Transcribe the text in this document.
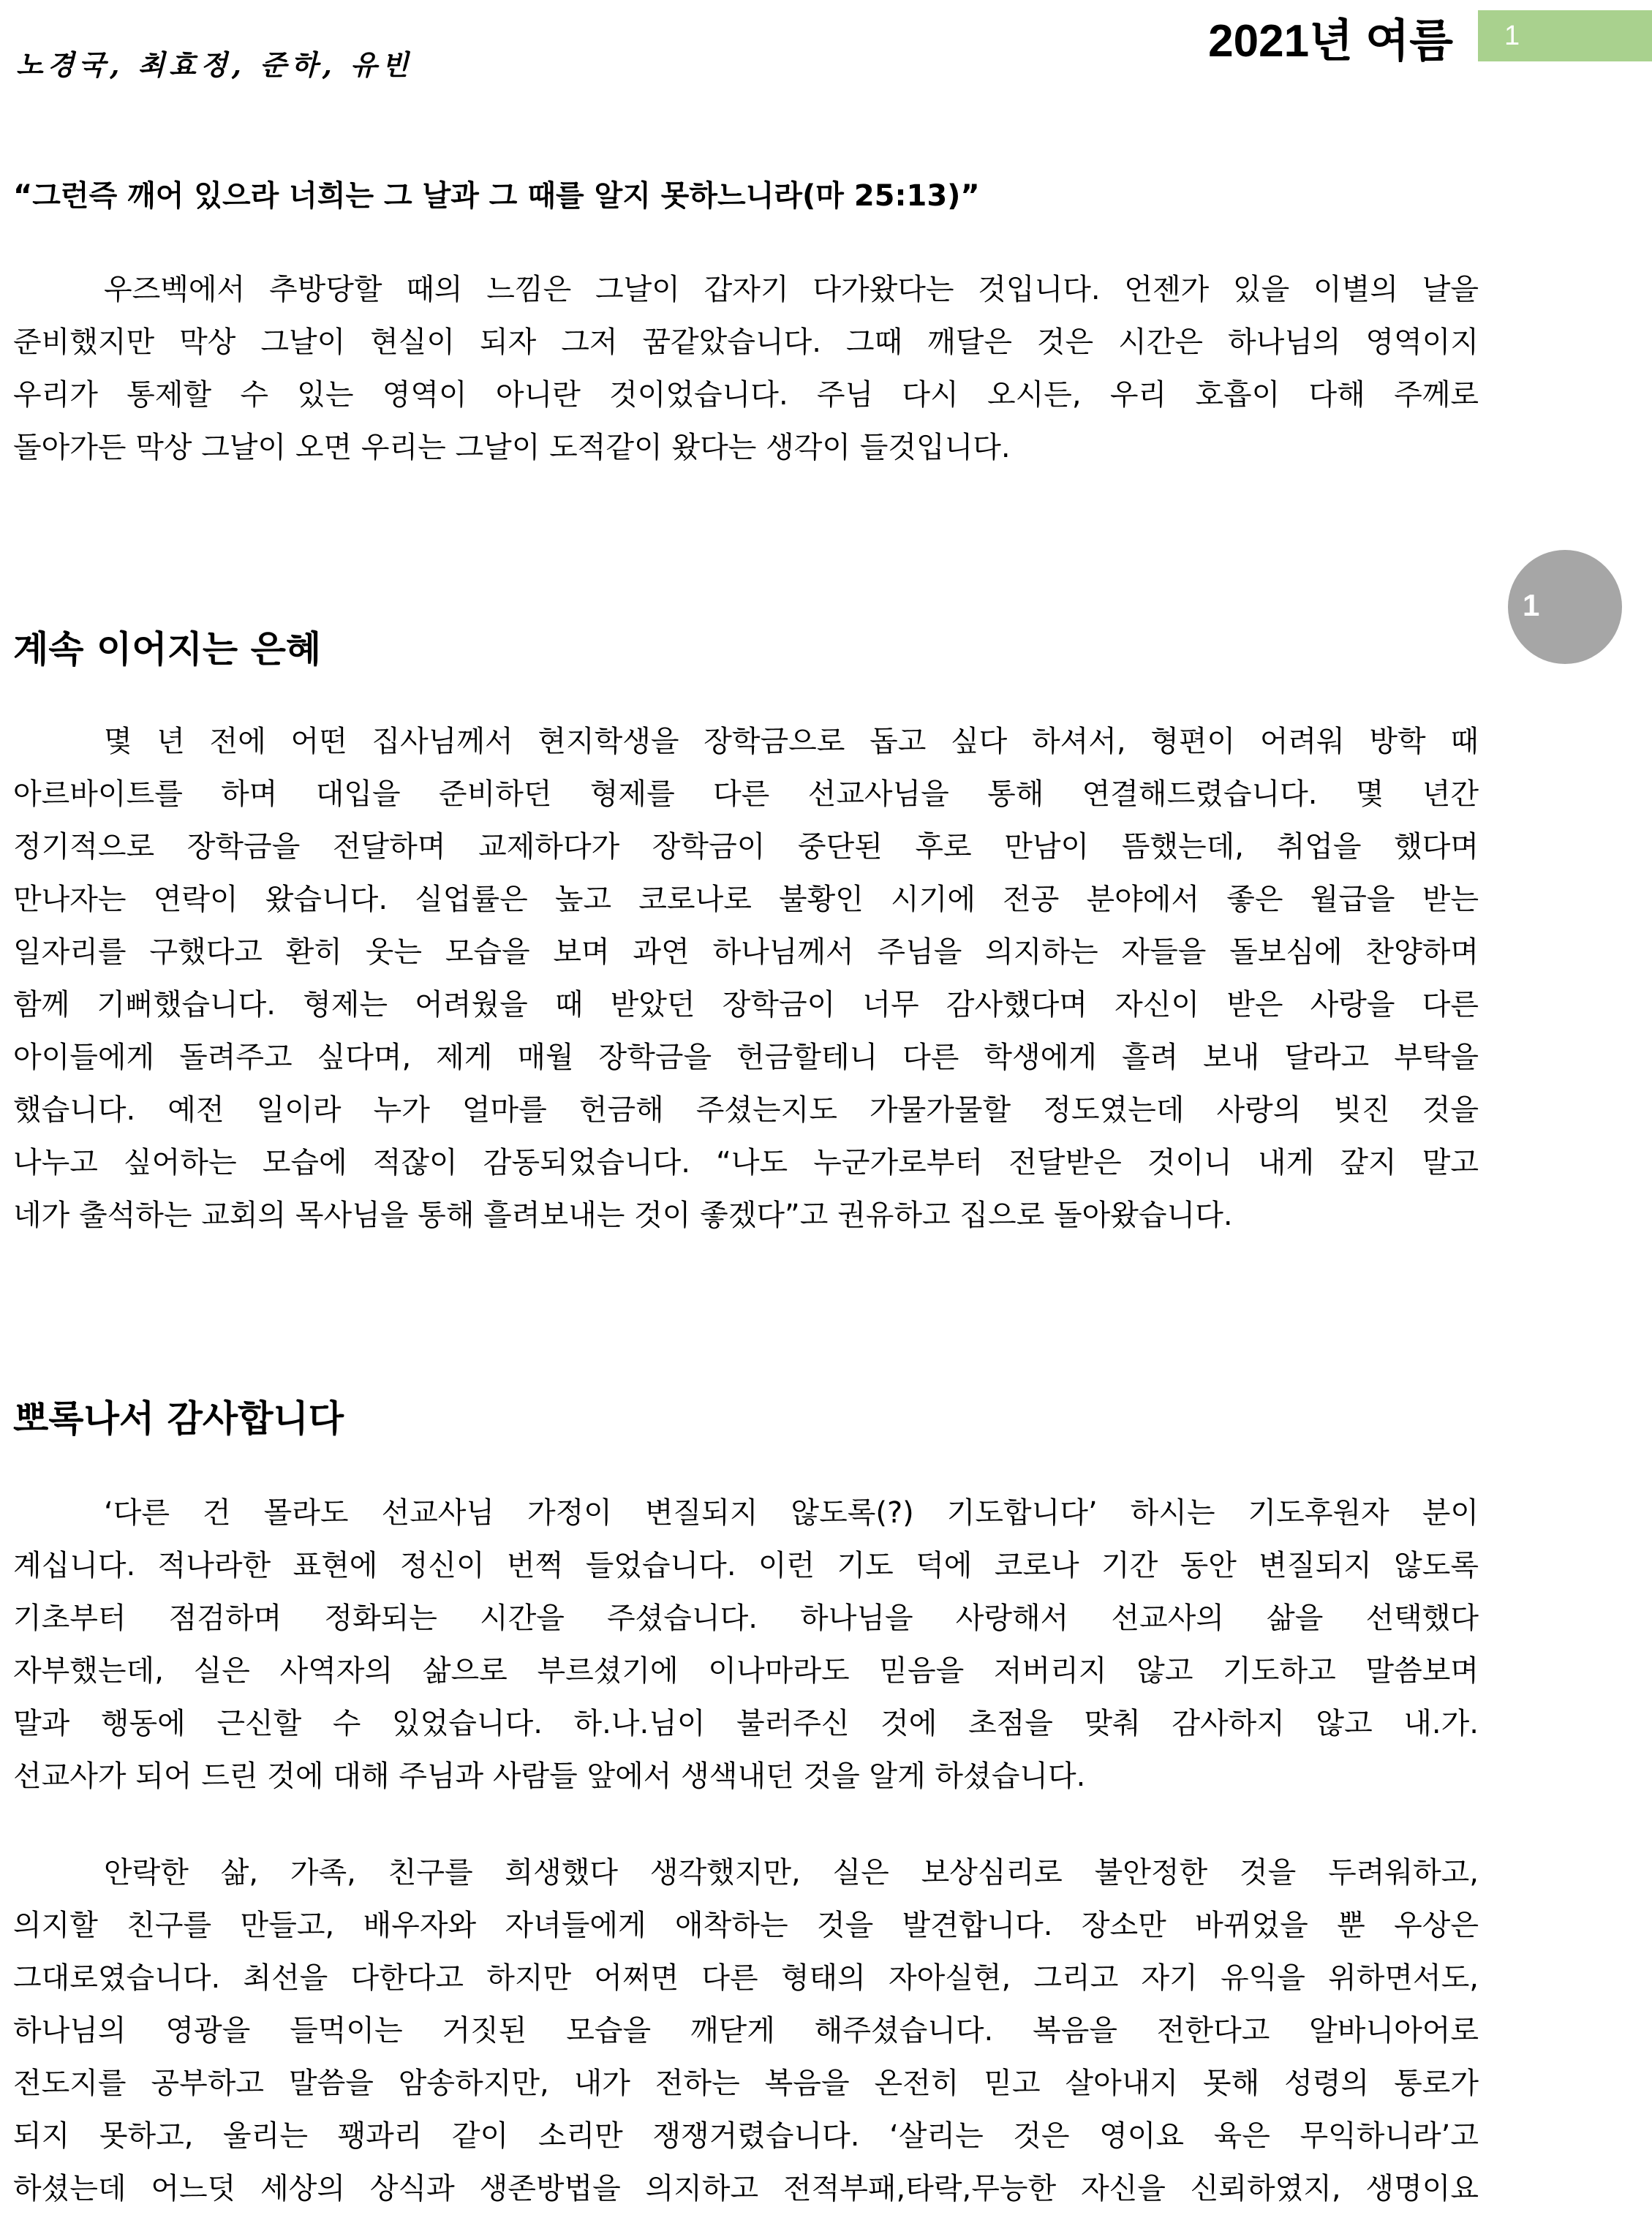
노경국, 최효정, 준하, 유빈	2021년 여름	1
1
“그런즉 깨어 있으라 너희는 그 날과 그 때를 알지 못하느니라(마 25:13)”
우즈벡에서 추방당할 때의 느낌은 그날이 갑자기 다가왔다는 것입니다. 언젠가 있을 이별의 날을
준비했지만 막상 그날이 현실이 되자 그저 꿈같았습니다. 그때 깨달은 것은 시간은 하나님의 영역이지
우리가 통제할 수 있는 영역이 아니란 것이었습니다. 주님 다시 오시든, 우리 호흡이 다해 주께로
돌아가든 막상 그날이 오면 우리는 그날이 도적같이 왔다는 생각이 들것입니다.
계속 이어지는 은혜
몇 년 전에 어떤 집사님께서 현지학생을 장학금으로 돕고 싶다 하셔서, 형편이 어려워 방학 때
아르바이트를 하며 대입을 준비하던 형제를 다른 선교사님을 통해 연결해드렸습니다. 몇 년간
정기적으로 장학금을 전달하며 교제하다가 장학금이 중단된 후로 만남이 뜸했는데, 취업을 했다며
만나자는 연락이 왔습니다. 실업률은 높고 코로나로 불황인 시기에 전공 분야에서 좋은 월급을 받는
일자리를 구했다고 환히 웃는 모습을 보며 과연 하나님께서 주님을 의지하는 자들을 돌보심에 찬양하며
함께 기뻐했습니다. 형제는 어려웠을 때 받았던 장학금이 너무 감사했다며 자신이 받은 사랑을 다른
아이들에게 돌려주고 싶다며, 제게 매월 장학금을 헌금할테니 다른 학생에게 흘려 보내 달라고 부탁을
했습니다. 예전 일이라 누가 얼마를 헌금해 주셨는지도 가물가물할 정도였는데 사랑의 빚진 것을
나누고 싶어하는 모습에 적잖이 감동되었습니다. “나도 누군가로부터 전달받은 것이니 내게 갚지 말고
네가 출석하는 교회의 목사님을 통해 흘려보내는 것이 좋겠다”고 권유하고 집으로 돌아왔습니다.
뽀록나서 감사합니다
‘다른 건 몰라도 선교사님 가정이 변질되지 않도록(?) 기도합니다’ 하시는 기도후원자 분이
계십니다. 적나라한 표현에 정신이 번쩍 들었습니다. 이런 기도 덕에 코로나 기간 동안 변질되지 않도록
기초부터 점검하며 정화되는 시간을 주셨습니다. 하나님을 사랑해서 선교사의 삶을 선택했다
자부했는데, 실은 사역자의 삶으로 부르셨기에 이나마라도 믿음을 저버리지 않고 기도하고 말씀보며
말과 행동에 근신할 수 있었습니다. 하.나.님이 불러주신 것에 초점을 맞춰 감사하지 않고 내.가.
선교사가 되어 드린 것에 대해 주님과 사람들 앞에서 생색내던 것을 알게 하셨습니다.
안락한 삶, 가족, 친구를 희생했다 생각했지만, 실은 보상심리로 불안정한 것을 두려워하고,
의지할 친구를 만들고, 배우자와 자녀들에게 애착하는 것을 발견합니다. 장소만 바뀌었을 뿐 우상은
그대로였습니다. 최선을 다한다고 하지만 어쩌면 다른 형태의 자아실현, 그리고 자기 유익을 위하면서도,
하나님의 영광을 들먹이는 거짓된 모습을 깨닫게 해주셨습니다. 복음을 전한다고 알바니아어로
전도지를 공부하고 말씀을 암송하지만, 내가 전하는 복음을 온전히 믿고 살아내지 못해 성령의 통로가
되지 못하고, 울리는 꽹과리 같이 소리만 쟁쟁거렸습니다. ‘살리는 것은 영이요 육은 무익하니라’고
하셨는데 어느덧 세상의 상식과 생존방법을 의지하고 전적부패,타락,무능한 자신을 신뢰하였지, 생명이요
